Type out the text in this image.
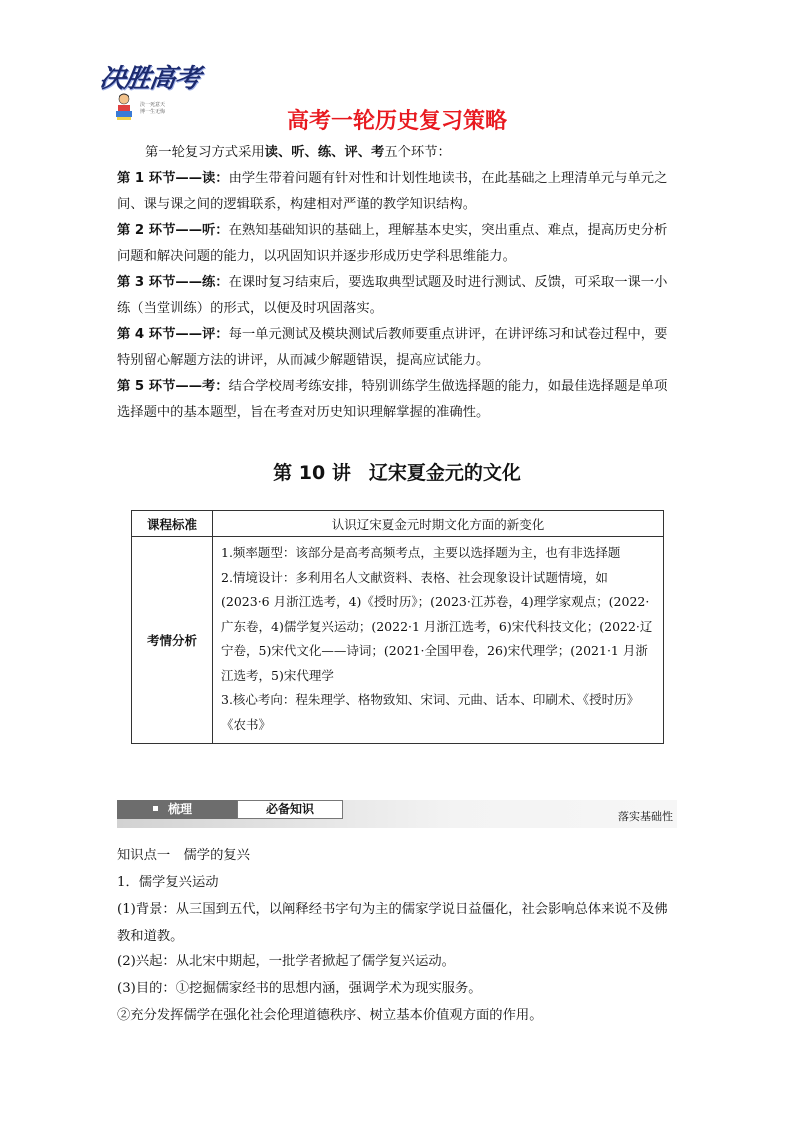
决胜高考
決一死意天
博一生无悔	高考一轮历史复习策略
第一轮复习方式采用读、听、练、评、考五个环节：
第 1 环节——读：由学生带着问题有针对性和计划性地读书，在此基础之上理清单元与单元之间、课与课之间的逻辑联系，构建相对严谨的教学知识结构。
第 2 环节——听：在熟知基础知识的基础上，理解基本史实，突出重点、难点，提高历史分析问题和解决问题的能力，以巩固知识并逐步形成历史学科思维能力。
第 3 环节——练：在课时复习结束后，要选取典型试题及时进行测试、反馈，可采取一课一小练（当堂训练）的形式，以便及时巩固落实。
第 4 环节——评：每一单元测试及模块测试后教师要重点讲评，在讲评练习和试卷过程中，要特别留心解题方法的讲评，从而减少解题错误，提高应试能力。
第 5 环节——考：结合学校周考练安排，特别训练学生做选择题的能力，如最佳选择题是单项选择题中的基本题型，旨在考查对历史知识理解掌握的准确性。
第 10 讲 辽宋夏金元的文化
课程标准	认识辽宋夏金元时期文化方面的新变化
考情分析	1.频率题型：该部分是高考高频考点，主要以选择题为主，也有非选择题
2.情境设计：多利用名人文献资料、表格、社会现象设计试题情境，如(2023·6 月浙江选考，4)《授时历》；(2023·江苏卷，4)理学家观点；(2022·广东卷，4)儒学复兴运动；(2022·1 月浙江选考，6)宋代科技文化；(2022·辽宁卷，5)宋代文化——诗词；(2021·全国甲卷，26)宋代理学；(2021·1 月浙江选考，5)宋代理学
3.核心考向：程朱理学、格物致知、宋词、元曲、话本、印刷术、《授时历》《农书》
梳理	必备知识
落实基础性
知识点一　儒学的复兴
1．儒学复兴运动
(1)背景：从三国到五代，以阐释经书字句为主的儒家学说日益僵化，社会影响总体来说不及佛教和道教。
(2)兴起：从北宋中期起，一批学者掀起了儒学复兴运动。
(3)目的：①挖掘儒家经书的思想内涵，强调学术为现实服务。
②充分发挥儒学在强化社会伦理道德秩序、树立基本价值观方面的作用。
